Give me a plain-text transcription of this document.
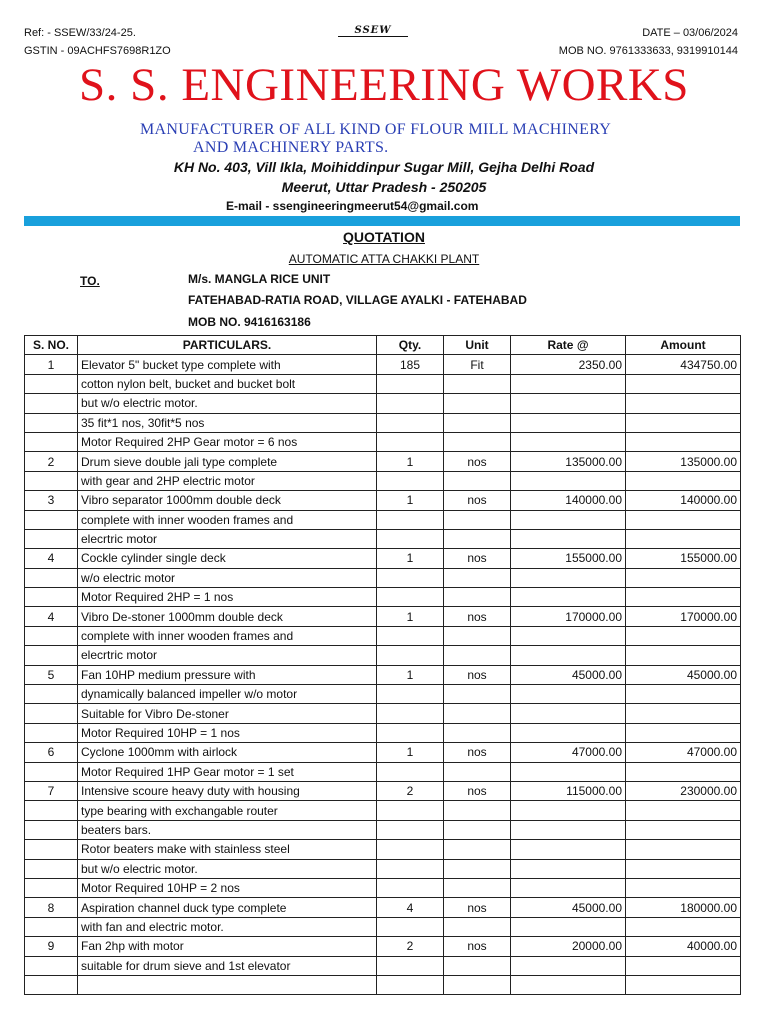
Ref: - SSEW/33/24-25.
GSTIN - 09ACHFS7698R1ZO
SSEW	DATE – 03/06/2024
MOB NO. 9761333633, 9319910144
S. S. ENGINEERING WORKS
MANUFACTURER OF ALL KIND OF FLOUR MILL MACHINERY
AND MACHINERY PARTS.
KH No. 403, Vill Ikla, Moihiddinpur Sugar Mill, Gejha Delhi Road
Meerut, Uttar Pradesh - 250205
E-mail - ssengineeringmeerut54@gmail.com
QUOTATION
AUTOMATIC ATTA CHAKKI PLANT
TO.	M/s. MANGLA RICE UNIT
FATEHABAD-RATIA ROAD, VILLAGE AYALKI - FATEHABAD
MOB NO. 9416163186
S. NO.	PARTICULARS.	Qty.	Unit	Rate @	Amount
1	Elevator 5" bucket type complete with	185	Fit	2350.00	434750.00
	cotton nylon belt, bucket and bucket bolt				
	but w/o electric motor.				
	35 fit*1 nos, 30fit*5 nos				
	Motor Required 2HP Gear motor = 6 nos				
2	Drum sieve double jali type complete	1	nos	135000.00	135000.00
	with gear and 2HP electric motor				
3	Vibro separator 1000mm double deck	1	nos	140000.00	140000.00
	complete with inner wooden frames and				
	elecrtric motor				
4	Cockle cylinder single deck	1	nos	155000.00	155000.00
	w/o electric motor				
	Motor Required 2HP = 1 nos				
4	Vibro De-stoner 1000mm double deck	1	nos	170000.00	170000.00
	complete with inner wooden frames and				
	elecrtric motor				
5	Fan 10HP medium pressure with	1	nos	45000.00	45000.00
	dynamically balanced impeller w/o motor				
	Suitable for Vibro De-stoner				
	Motor Required 10HP = 1 nos				
6	Cyclone 1000mm with airlock	1	nos	47000.00	47000.00
	Motor Required 1HP Gear motor = 1 set				
7	Intensive scoure heavy duty with housing	2	nos	115000.00	230000.00
	type bearing with exchangable router				
	beaters bars.				
	Rotor beaters make with stainless steel				
	but w/o electric motor.				
	Motor Required 10HP = 2 nos				
8	Aspiration channel duck type complete	4	nos	45000.00	180000.00
	with fan and electric motor.				
9	Fan 2hp with motor	2	nos	20000.00	40000.00
	suitable for drum sieve and 1st elevator				
